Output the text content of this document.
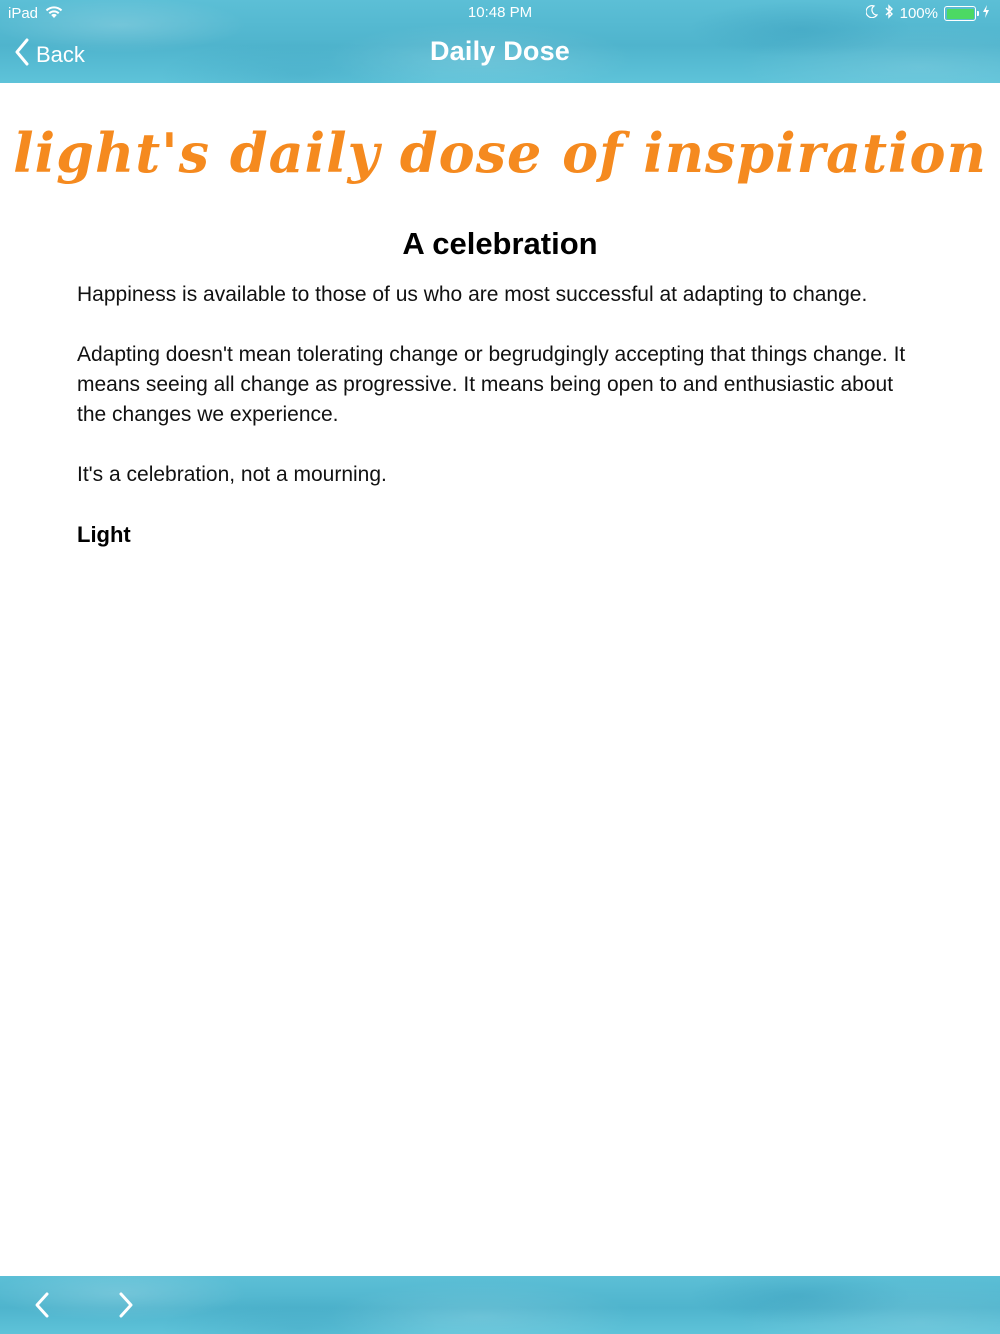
iPad	10:48 PM	100%
Back	Daily Dose
light's daily dose of inspiration
A celebration

Happiness is available to those of us who are most successful at adapting to change.

Adapting doesn't mean tolerating change or begrudgingly accepting that things change. It means seeing all change as progressive. It means being open to and enthusiastic about the changes we experience.

It's a celebration, not a mourning.

Light
